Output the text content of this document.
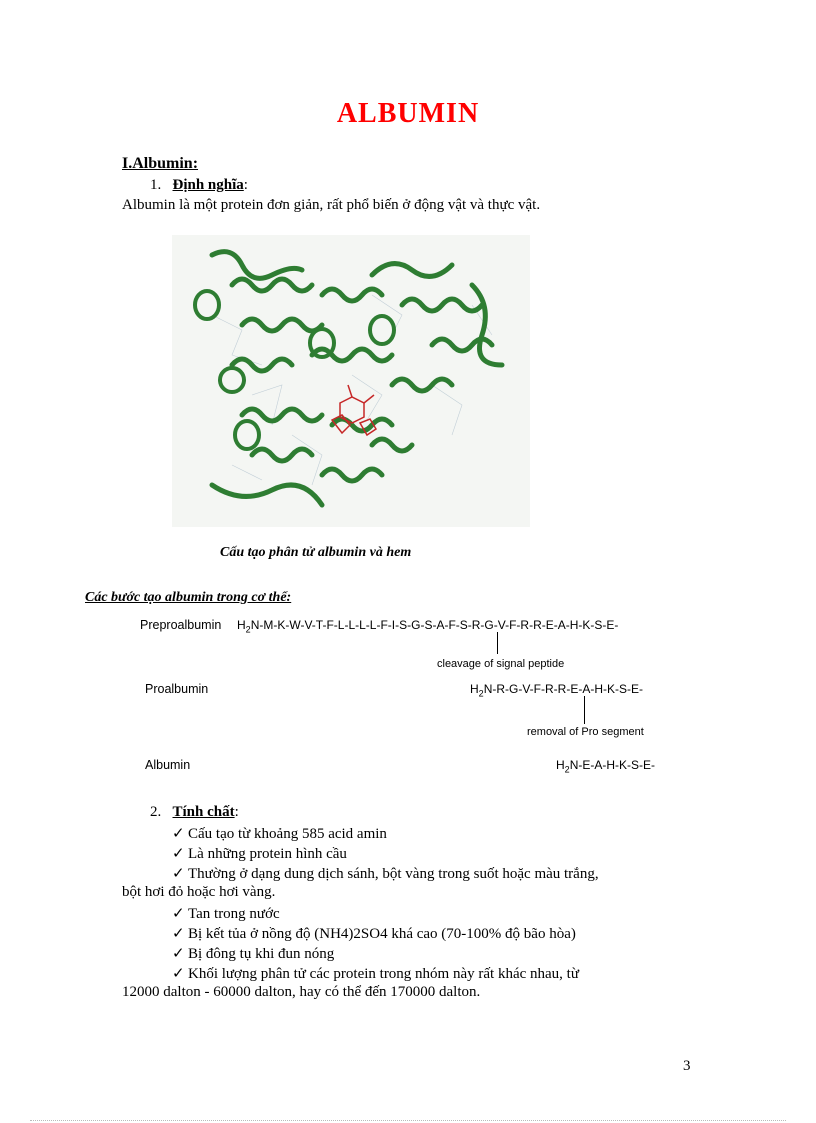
ALBUMIN
I.Albumin:
1. Định nghĩa:
Albumin là một protein đơn giản, rất phổ biến ở động vật và thực vật.
Cấu tạo phân tử albumin và hem
Các bước tạo albumin trong cơ thể:
Preproalbumin $H_2N-M-K-W-V-T-F-L-L-L-L-F-I-S-G-S-A-F-S-R-G-V-F-R-R-E-A-H-K-S-E-$
cleavage of signal peptide
Proalbumin	$H_2N-R-G-V-F-R-R-E-A-H-K-S-E-$
removal of Pro segment
Albumin	$H_2N-E-A-H-K-S-E-$
2. Tính chất:
✓ Cấu tạo từ khoảng 585 acid amin
✓ Là những protein hình cầu
✓ Thường ở dạng dung dịch sánh, bột vàng trong suốt hoặc màu trắng,
bột hơi đỏ hoặc hơi vàng.
✓ Tan trong nước
✓ Bị kết tủa ở nồng độ (NH4)2SO4 khá cao (70-100% độ bão hòa)
✓ Bị đông tụ khi đun nóng
✓ Khối lượng phân tử các protein trong nhóm này rất khác nhau, từ
12000 dalton - 60000 dalton, hay có thể đến 170000 dalton.
3
